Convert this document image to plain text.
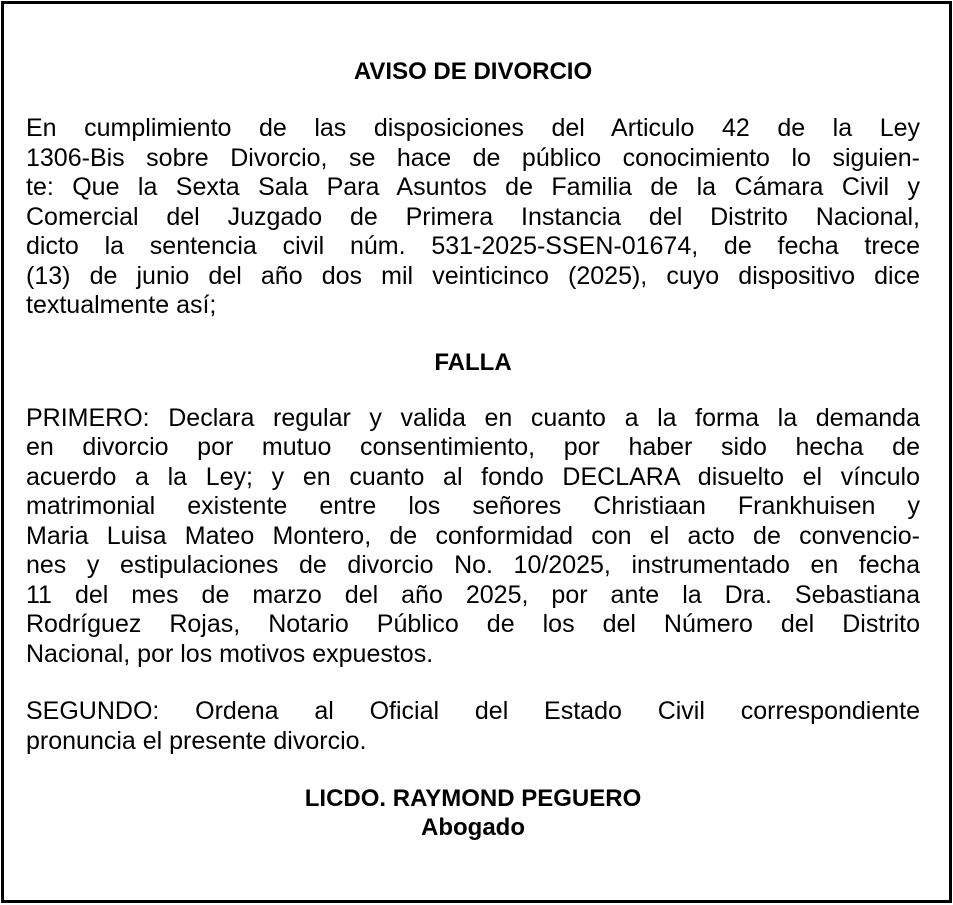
AVISO DE DIVORCIO
En cumplimiento de las disposiciones del Articulo 42 de la Ley
1306-Bis sobre Divorcio, se hace de público conocimiento lo siguien-
te: Que la Sexta Sala Para Asuntos de Familia de la Cámara Civil y
Comercial del Juzgado de Primera Instancia del Distrito Nacional,
dicto la sentencia civil núm. 531-2025-SSEN-01674, de fecha trece
(13) de junio del año dos mil veinticinco (2025), cuyo dispositivo dice
textualmente así;
FALLA
PRIMERO: Declara regular y valida en cuanto a la forma la demanda
en divorcio por mutuo consentimiento, por haber sido hecha de
acuerdo a la Ley; y en cuanto al fondo DECLARA disuelto el vínculo
matrimonial existente entre los señores Christiaan Frankhuisen y
Maria Luisa Mateo Montero, de conformidad con el acto de convencio-
nes y estipulaciones de divorcio No. 10/2025, instrumentado en fecha
11 del mes de marzo del año 2025, por ante la Dra. Sebastiana
Rodríguez Rojas, Notario Público de los del Número del Distrito
Nacional, por los motivos expuestos.
SEGUNDO: Ordena al Oficial del Estado Civil correspondiente
pronuncia el presente divorcio.
LICDO. RAYMOND PEGUERO
Abogado
